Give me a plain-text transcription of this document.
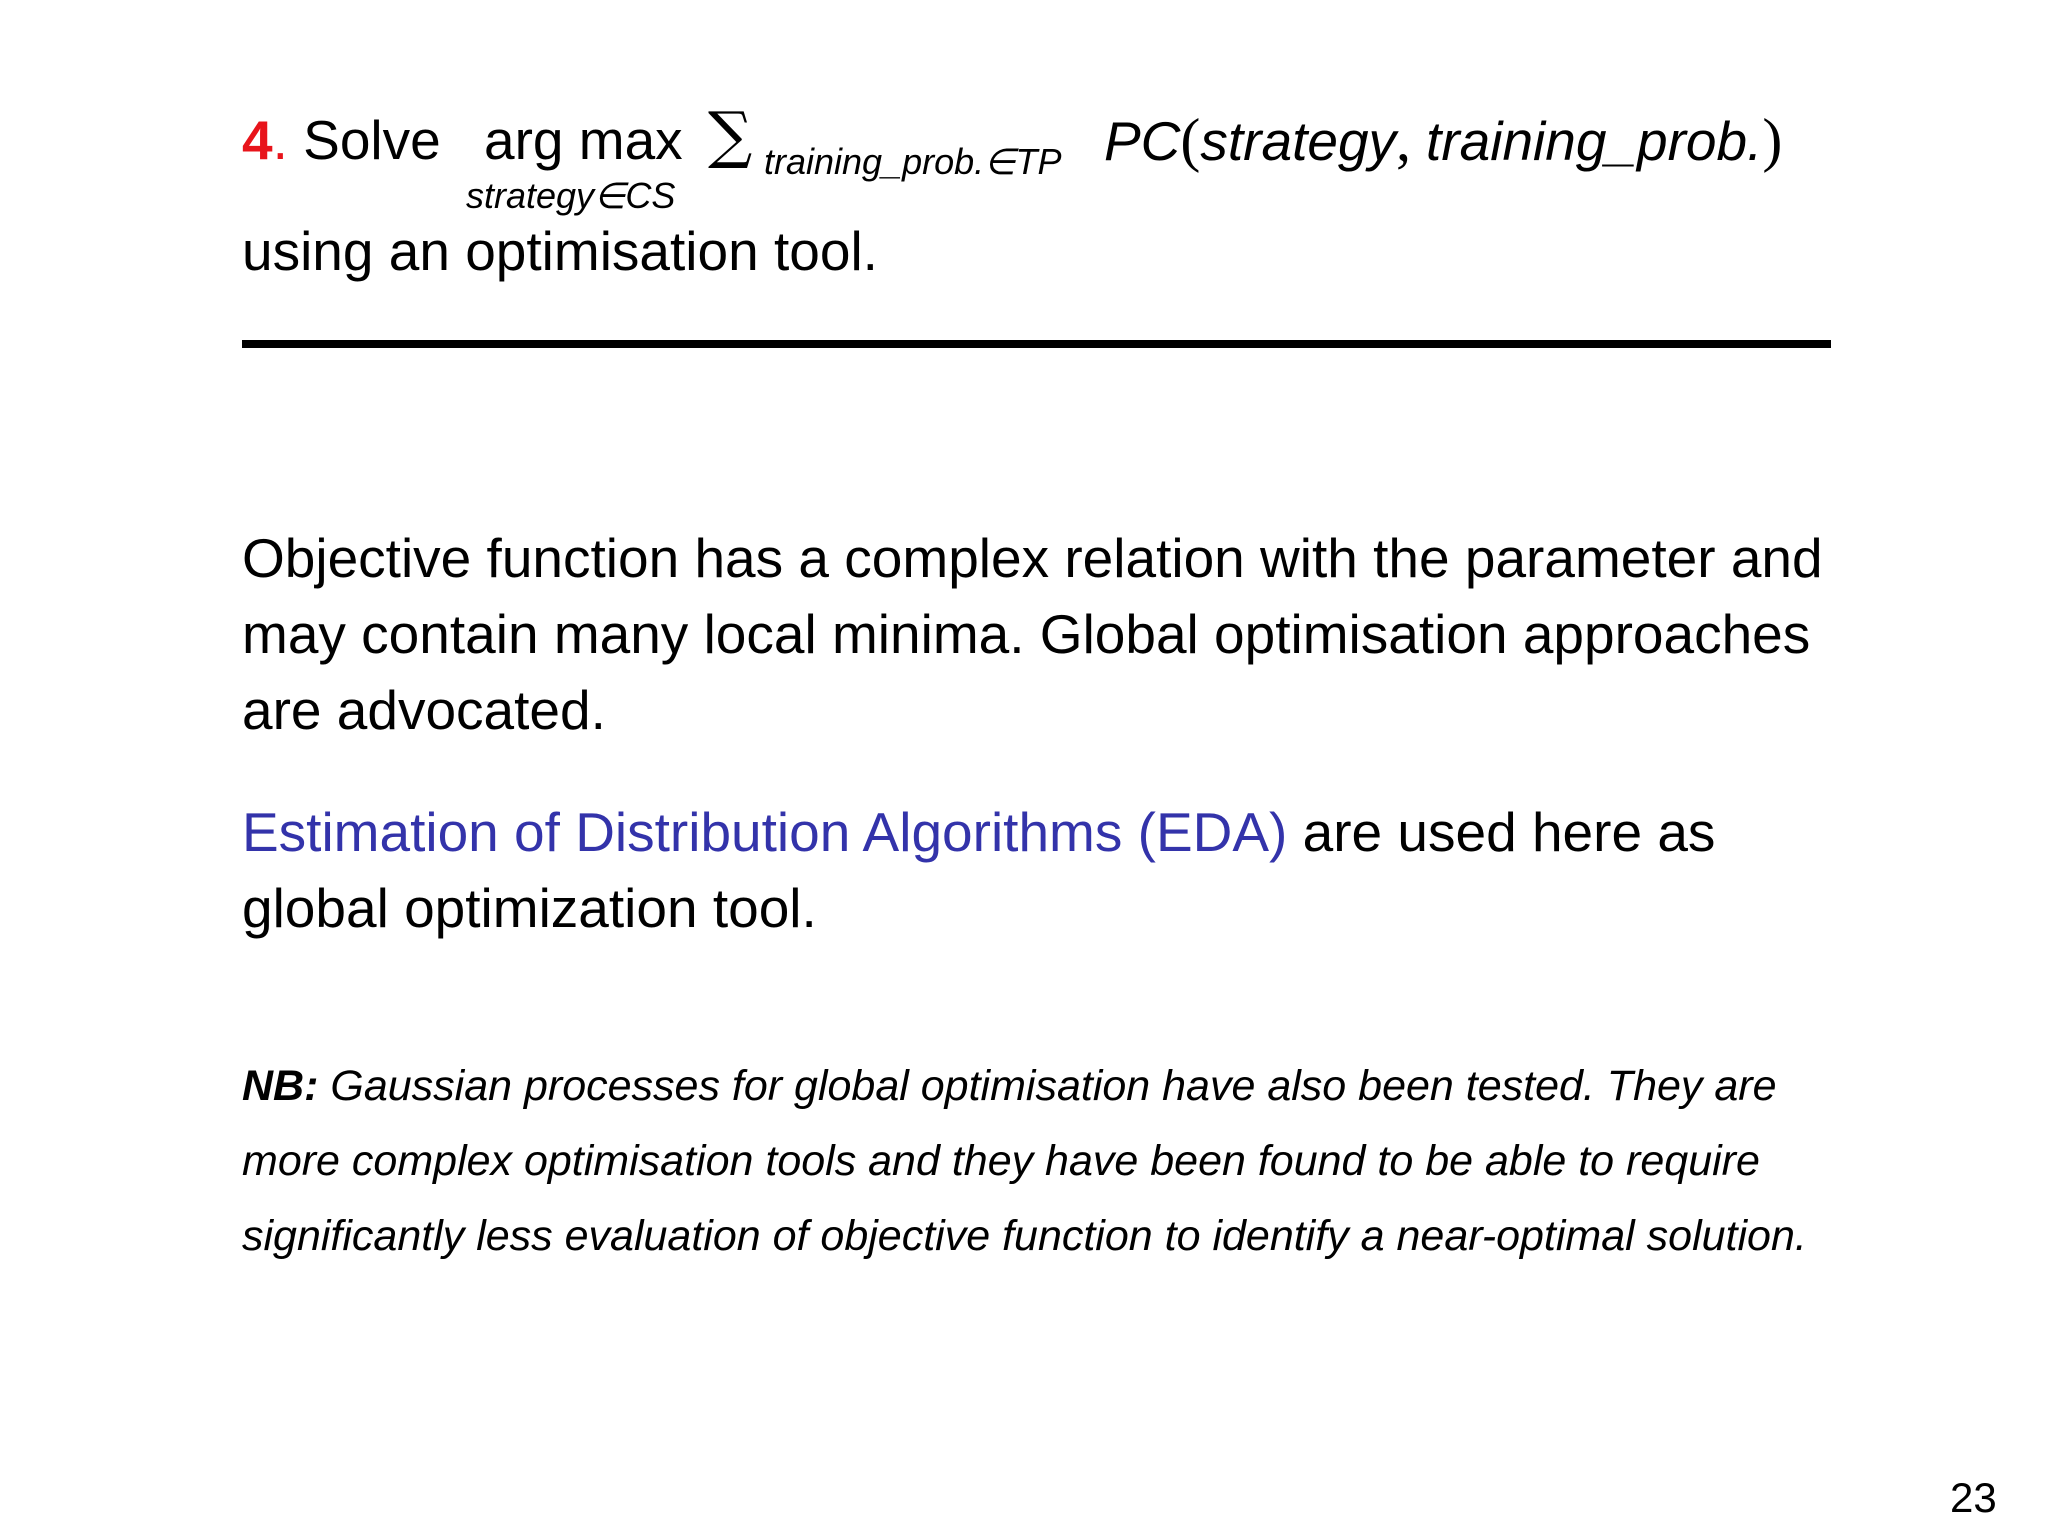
4. Solve arg max
strategy∈CS
∑ training_prob.∈TP PC(strategy, training_prob.)
using an optimisation tool.

Objective function has a complex relation with the parameter and may contain many local minima. Global optimisation approaches are advocated.

Estimation of Distribution Algorithms (EDA) are used here as global optimization tool.

NB: Gaussian processes for global optimisation have also been tested. They are more complex optimisation tools and they have been found to be able to require significantly less evaluation of objective function to identify a near-optimal solution.

23
